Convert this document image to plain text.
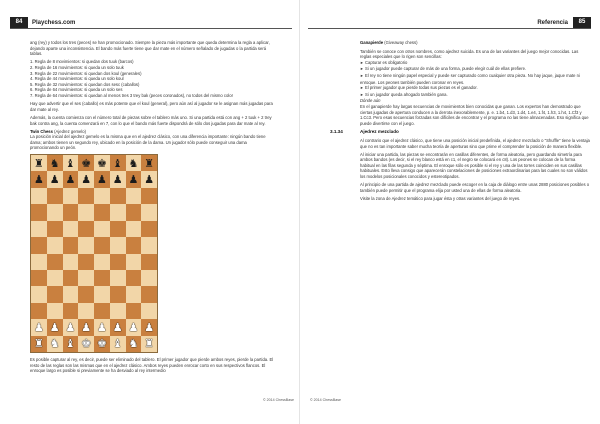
84	Playchess.com

ang (rey) y todos los tres (peces) se han promocionado. Siempre la pieza más importante que queda determina la regla a aplicar, dejando aparte una inconsistencia. El bando más fuerte tiene que dar mate en el número señalado de jugadas o la partida será tablas.

1. Regla de 8 movimientos: si quedan dos tuuk (barcos)
2. Regla de 16 movimientos: si queda un solo tuuk
3. Regla de 22 movimientos: si quedan dos koul (generales)
4. Regla de 44 movimientos: si queda un solo koul
5. Regla de 32 movimientos: si quedan dos sesc (caballos)
6. Regla de 64 movimientos: si queda un solo ses
7. Regla de 64 movimientos: si quedan al menos tres 3 trey bak (peces coronados), no todos del mismo color

Hay que advertir que el ses (caballo) es más potente que el koul (general), pero aún así al jugador se le asignan más jugadas para dar mate al rey.

Además, la cuenta comienza con el número total de piezas sobre el tablero más uno. Si una partida está con ang + 2 tuuk + 2 trey bak contra ang, la cuenta comenzará en 7, con lo que el bando más fuerte dispondrá de sólo dos jugadas para dar mate al rey.

Twin Chess (Ajedrez gemelo)
La posición inicial del ajedrez gemelo es la misma que en el ajedrez clásico, con una diferencia importante: ningún bando tiene dama; ambos tienen un segundo rey, ubicado en la posición de la dama. Un jugador sólo puede conseguir una dama promocionando un peón.

♜ ♞ ♝ ♚ ♚ ♝ ♞ ♜
♟ ♟ ♟ ♟ ♟ ♟ ♟ ♟
♟ ♟ ♟ ♟ ♟ ♟ ♟ ♟
♜ ♞ ♝ ♚ ♚ ♝ ♞ ♜

Es posible capturar al rey, es decir, puede ser eliminado del tablero. El primer jugador que pierde ambos reyes, pierde la partida. El resto de las reglas son las mismas que en el ajedrez clásico. Ambos reyes pueden enrocar corto en sus respectivos flancos. El enroque largo es posible si previamente se ha desviado al rey intermedio

© 2014 ChessBase
Referencia	85

Ganapierde (Giveaway chess)

También se conoce con otros nombres, como ajedrez suicida. Es una de las variantes del juego mejor conocidas. Las reglas especiales que lo rigen son sencillas:
►Capturar es obligatorio
►Si un jugador puede capturar de más de una forma, puede elegir cuál de ellas prefiere.
►El rey no tiene ningún papel especial y puede ser capturado como cualquier otra pieza. No hay jaque, jaque mate ni enroque. Los peones también pueden coronar en reyes.
►El primer jugador que pierde todas sus piezas es el ganador.
►Si un jugador queda ahogado también gana.
Dónde aún
En el ganapierde hay largas secuencias de movimientos bien conocidas que ganan. Los expertos han demostrado que ciertas jugadas de apertura conducen a la derrota inexorablemente, p. e. 1.b4, 1.d3, 1.d4, 1.e4, 1.f4, 1.h3, 1.h4, 1.Cf3 y 1.Cc3. Pero esas secuencias forzadas son difíciles de encontrar y el programa no las tiene almacenadas. Eso significa que puede divertirse con el juego.

3.1.34	Ajedrez mezclado

Al contrario que el ajedrez clásico, que tiene una posición inicial predefinida, el ajedrez mezclado o "Shuffle" tiene la ventaja que no es tan importante saber mucha teoría de aperturas sino que prime el comprender la posición de manera flexible.

Al iniciar una partida, las piezas se encontrarán en casillas diferentes, de forma aleatoria, pero guardando simetría para ambos bandos (es decir, si el rey blanco está en c1, el negro se colocará en c8). Los peones se colocan de la forma habitual en las filas segunda y séptima. El enroque sólo es posible si el rey y una de las torres coinciden en sus casillas habituales. Esto lleva consigo que aparecerán constelaciones de posiciones extraordinarias para las cuales no son válidos los modelos posicionales conocidos y estereotipados.

Al principio de una partida de ajedrez mezclado puede escoger en la caja de diálogo entre unas 2880 posiciones posibles o también puede permitir que el programa elija por usted una de ellas de forma aleatoria.

Visite la zona de Ajedrez temático para jugar ésta y otras variantes del juego de reyes.

© 2014 ChessBase
